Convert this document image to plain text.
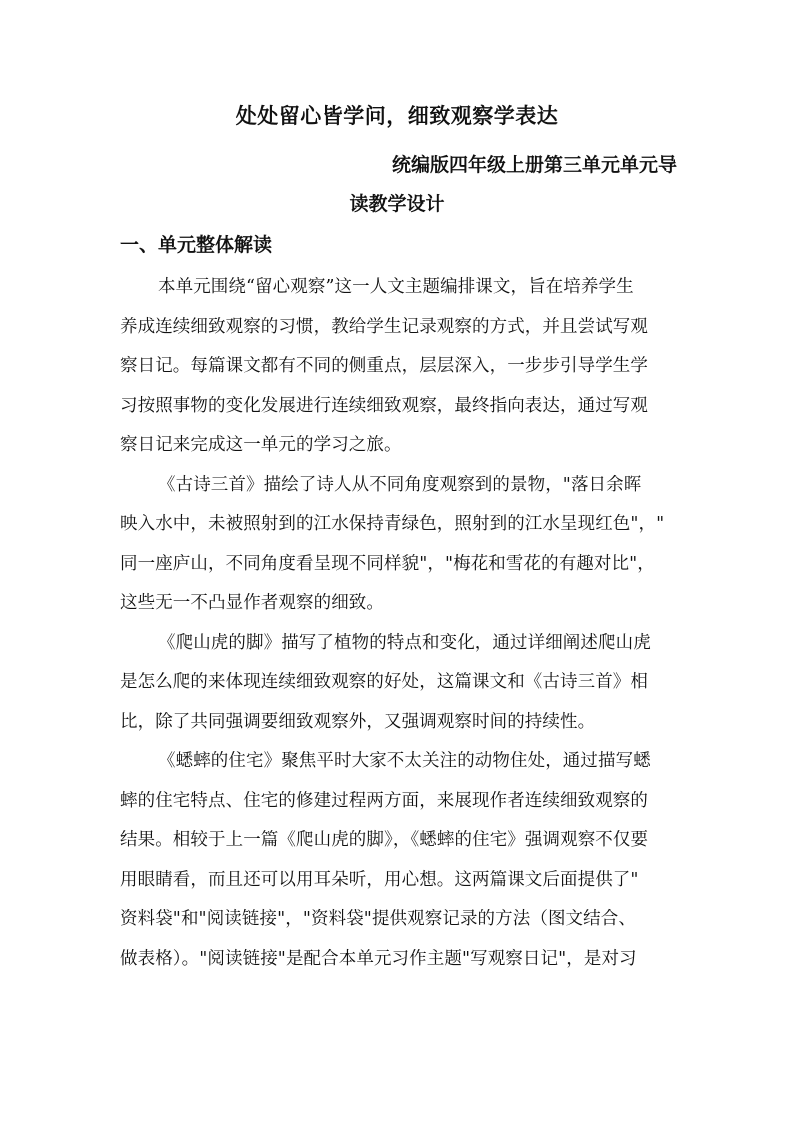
处处留心皆学问，细致观察学表达
统编版四年级上册第三单元单元导
读教学设计
一、单元整体解读
本单元围绕“留心观察”这一人文主题编排课文，旨在培养学生
养成连续细致观察的习惯，教给学生记录观察的方式，并且尝试写观
察日记。每篇课文都有不同的侧重点，层层深入，一步步引导学生学
习按照事物的变化发展进行连续细致观察，最终指向表达，通过写观
察日记来完成这一单元的学习之旅。
《古诗三首》描绘了诗人从不同角度观察到的景物，"落日余晖
映入水中，未被照射到的江水保持青绿色，照射到的江水呈现红色"，"
同一座庐山，不同角度看呈现不同样貌"，"梅花和雪花的有趣对比"，
这些无一不凸显作者观察的细致。
《爬山虎的脚》描写了植物的特点和变化，通过详细阐述爬山虎
是怎么爬的来体现连续细致观察的好处，这篇课文和《古诗三首》相
比，除了共同强调要细致观察外，又强调观察时间的持续性。
《蟋蟀的住宅》聚焦平时大家不太关注的动物住处，通过描写蟋
蟀的住宅特点、住宅的修建过程两方面，来展现作者连续细致观察的
结果。相较于上一篇《爬山虎的脚》，《蟋蟀的住宅》强调观察不仅要
用眼睛看，而且还可以用耳朵听，用心想。这两篇课文后面提供了"
资料袋"和"阅读链接"，"资料袋"提供观察记录的方法（图文结合、
做表格）。"阅读链接"是配合本单元习作主题"写观察日记"，是对习
